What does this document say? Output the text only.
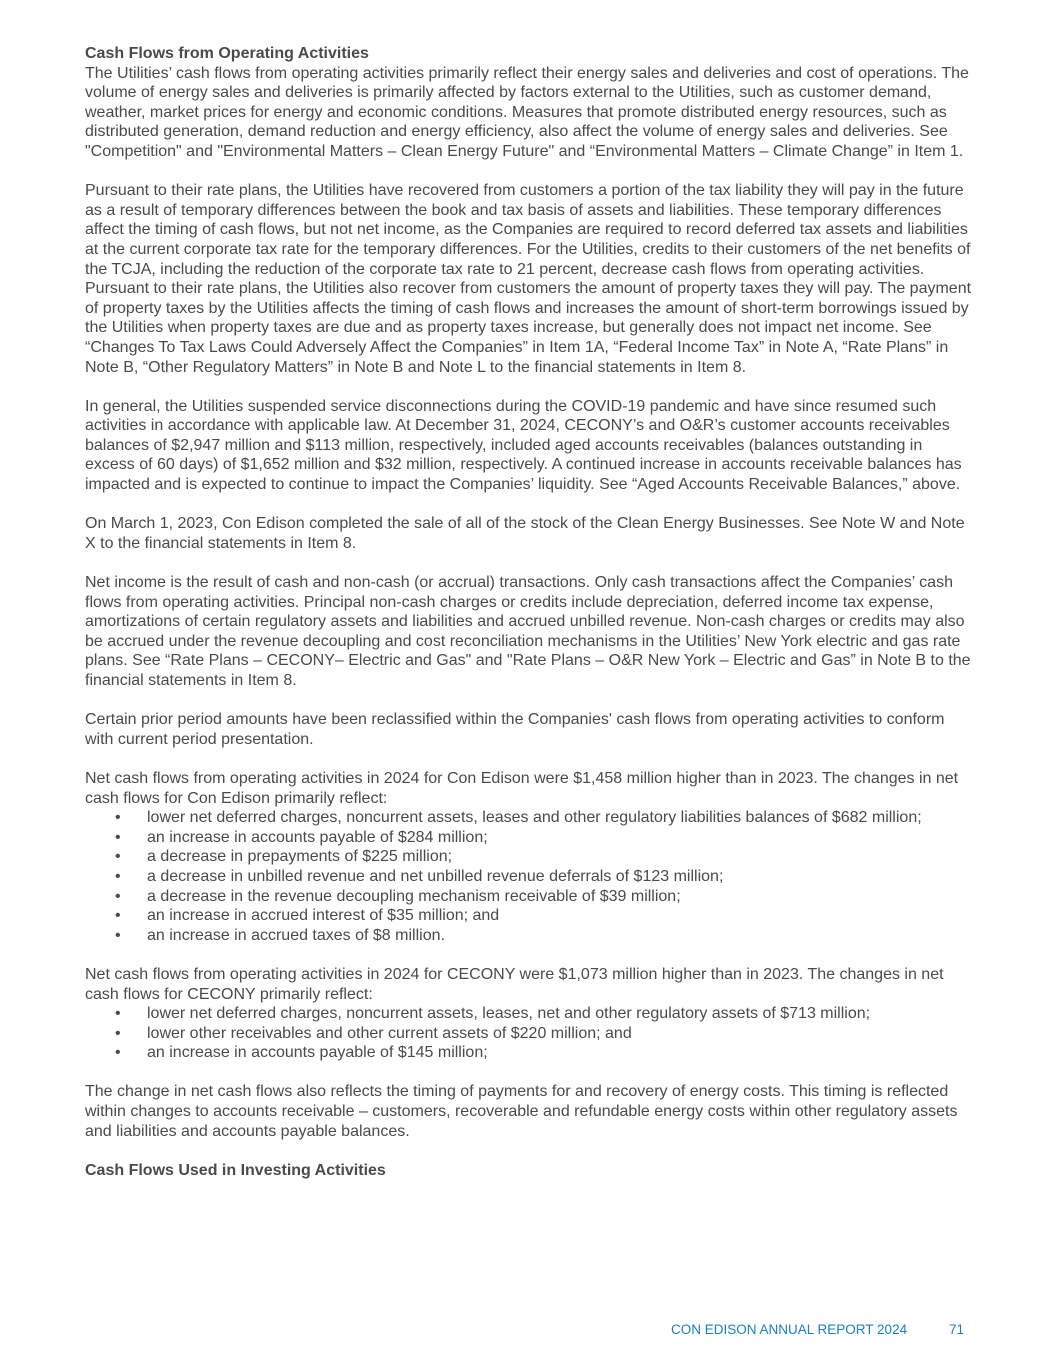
Cash Flows from Operating Activities

The Utilities’ cash flows from operating activities primarily reflect their energy sales and deliveries and cost of operations. The volume of energy sales and deliveries is primarily affected by factors external to the Utilities, such as customer demand, weather, market prices for energy and economic conditions. Measures that promote distributed energy resources, such as distributed generation, demand reduction and energy efficiency, also affect the volume of energy sales and deliveries. See "Competition" and "Environmental Matters – Clean Energy Future" and “Environmental Matters – Climate Change” in Item 1.

Pursuant to their rate plans, the Utilities have recovered from customers a portion of the tax liability they will pay in the future as a result of temporary differences between the book and tax basis of assets and liabilities. These temporary differences affect the timing of cash flows, but not net income, as the Companies are required to record deferred tax assets and liabilities at the current corporate tax rate for the temporary differences. For the Utilities, credits to their customers of the net benefits of the TCJA, including the reduction of the corporate tax rate to 21 percent, decrease cash flows from operating activities. Pursuant to their rate plans, the Utilities also recover from customers the amount of property taxes they will pay. The payment of property taxes by the Utilities affects the timing of cash flows and increases the amount of short-term borrowings issued by the Utilities when property taxes are due and as property taxes increase, but generally does not impact net income. See “Changes To Tax Laws Could Adversely Affect the Companies” in Item 1A, “Federal Income Tax” in Note A, “Rate Plans” in Note B, “Other Regulatory Matters” in Note B and Note L to the financial statements in Item 8.

In general, the Utilities suspended service disconnections during the COVID-19 pandemic and have since resumed such activities in accordance with applicable law. At December 31, 2024, CECONY’s and O&R’s customer accounts receivables balances of $2,947 million and $113 million, respectively, included aged accounts receivables (balances outstanding in excess of 60 days) of $1,652 million and $32 million, respectively. A continued increase in accounts receivable balances has impacted and is expected to continue to impact the Companies’ liquidity. See “Aged Accounts Receivable Balances,” above.

On March 1, 2023, Con Edison completed the sale of all of the stock of the Clean Energy Businesses. See Note W and Note X to the financial statements in Item 8.

Net income is the result of cash and non-cash (or accrual) transactions. Only cash transactions affect the Companies’ cash flows from operating activities. Principal non-cash charges or credits include depreciation, deferred income tax expense, amortizations of certain regulatory assets and liabilities and accrued unbilled revenue. Non-cash charges or credits may also be accrued under the revenue decoupling and cost reconciliation mechanisms in the Utilities’ New York electric and gas rate plans. See “Rate Plans – CECONY– Electric and Gas" and "Rate Plans – O&R New York – Electric and Gas” in Note B to the financial statements in Item 8.

Certain prior period amounts have been reclassified within the Companies' cash flows from operating activities to conform with current period presentation.

Net cash flows from operating activities in 2024 for Con Edison were $1,458 million higher than in 2023. The changes in net cash flows for Con Edison primarily reflect:

• lower net deferred charges, noncurrent assets, leases and other regulatory liabilities balances of $682 million;
• an increase in accounts payable of $284 million;
• a decrease in prepayments of $225 million;
• a decrease in unbilled revenue and net unbilled revenue deferrals of $123 million;
• a decrease in the revenue decoupling mechanism receivable of $39 million;
• an increase in accrued interest of $35 million; and
• an increase in accrued taxes of $8 million.

Net cash flows from operating activities in 2024 for CECONY were $1,073 million higher than in 2023. The changes in net cash flows for CECONY primarily reflect:

• lower net deferred charges, noncurrent assets, leases, net and other regulatory assets of $713 million;
• lower other receivables and other current assets of $220 million; and
• an increase in accounts payable of $145 million;

The change in net cash flows also reflects the timing of payments for and recovery of energy costs. This timing is reflected within changes to accounts receivable – customers, recoverable and refundable energy costs within other regulatory assets and liabilities and accounts payable balances.

Cash Flows Used in Investing Activities
CON EDISON ANNUAL REPORT 2024	71
